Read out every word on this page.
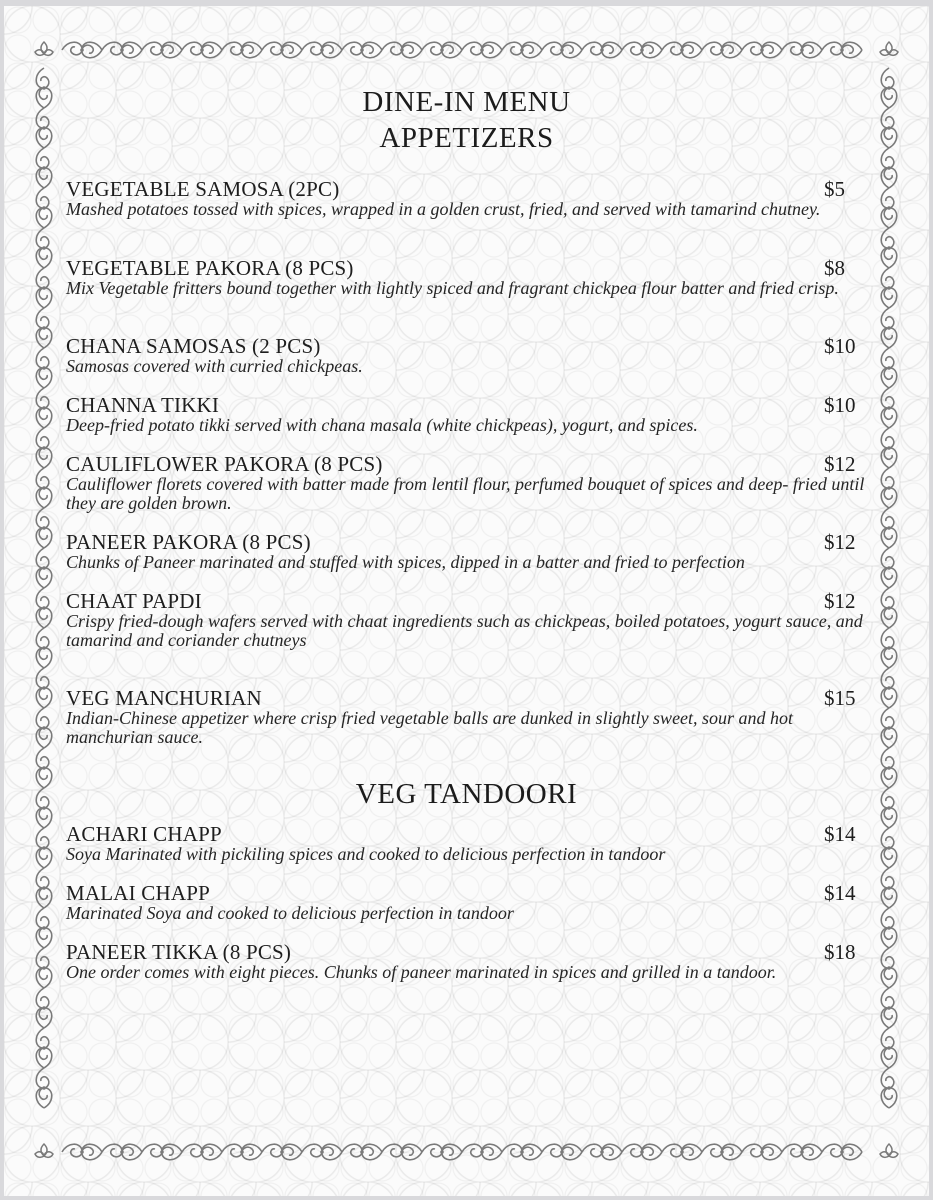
DINE-IN MENU
APPETIZERS
VEGETABLE SAMOSA (2PC)	$5
Mashed potatoes tossed with spices, wrapped in a golden crust, fried, and served with tamarind chutney.
VEGETABLE PAKORA (8 PCS)	$8
Mix Vegetable fritters bound together with lightly spiced and fragrant chickpea flour batter and fried crisp.
CHANA SAMOSAS (2 PCS)	$10
Samosas covered with curried chickpeas.
CHANNA TIKKI	$10
Deep-fried potato tikki served with chana masala (white chickpeas), yogurt, and spices.
CAULIFLOWER PAKORA (8 PCS)	$12
Cauliflower florets covered with batter made from lentil flour, perfumed bouquet of spices and deep- fried until they are golden brown.
PANEER PAKORA (8 PCS)	$12
Chunks of Paneer marinated and stuffed with spices, dipped in a batter and fried to perfection
CHAAT PAPDI	$12
Crispy fried-dough wafers served with chaat ingredients such as chickpeas, boiled potatoes, yogurt sauce, and tamarind and coriander chutneys
VEG MANCHURIAN	$15
Indian-Chinese appetizer where crisp fried vegetable balls are dunked in slightly sweet, sour and hot manchurian sauce.
VEG TANDOORI
ACHARI CHAPP	$14
Soya Marinated with pickiling spices and cooked to delicious perfection in tandoor
MALAI CHAPP	$14
Marinated Soya and cooked to delicious perfection in tandoor
PANEER TIKKA (8 PCS)	$18
One order comes with eight pieces. Chunks of paneer marinated in spices and grilled in a tandoor.
